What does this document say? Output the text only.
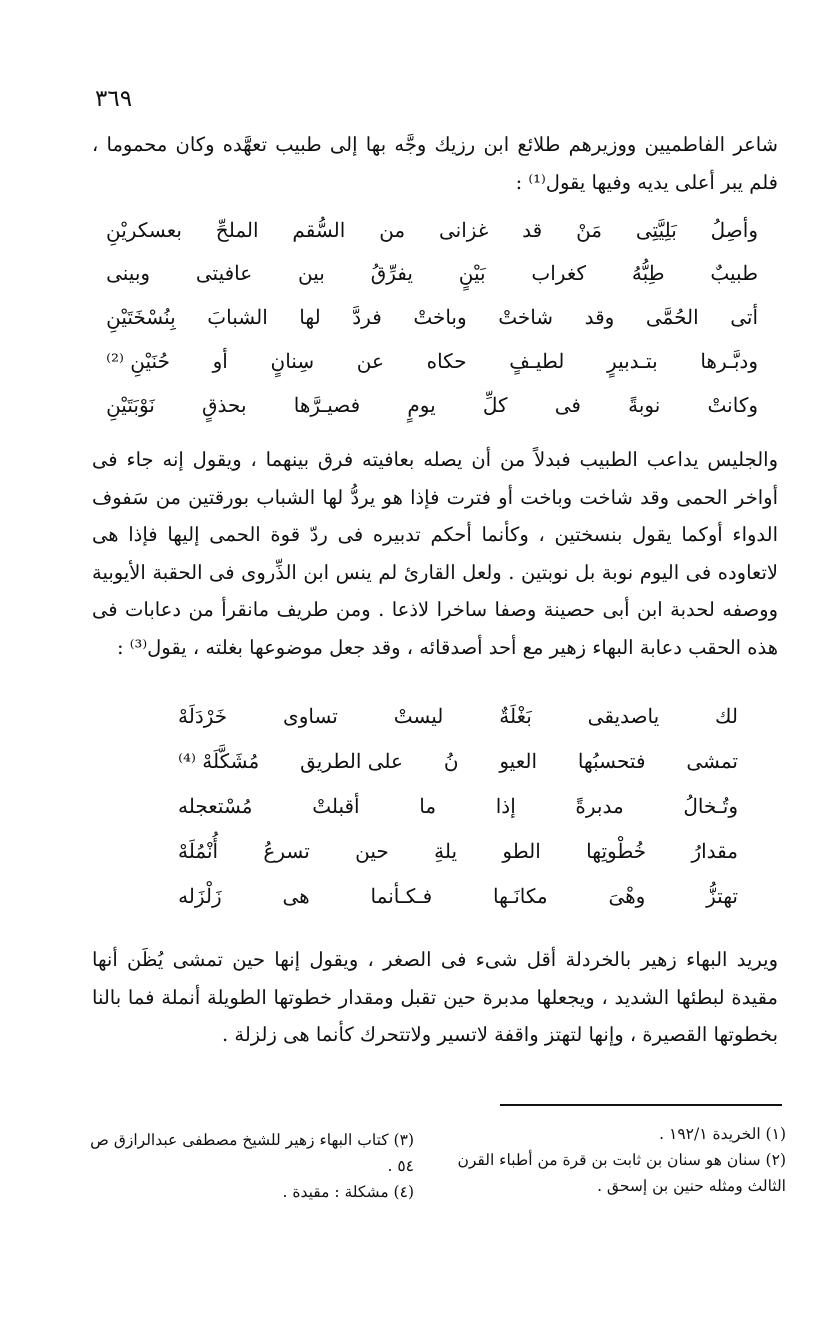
٣٦٩

شاعر الفاطميين ووزيرهم طلائع ابن رزيك وجَّه بها إلى طبيب تعهَّده وكان محموما ، فلم يبر أعلى يديه وفيها يقول⁽¹⁾ :

وأصِلُ
بَلِيَّتِى
مَنْ
قد
غزانى
من
السُّقم
الملحِّ
بعسكريْنِ
طبيبٌ
طِبُّهُ
كغراب
بَيْنٍ
يفرِّقُ
بين
عافيتى
وبينى
أتى
الحُمَّى
وقد
شاختْ
وباختْ
فردَّ
لها
الشبابَ
بِنُسْخَتَيْنِ
ودبَّـرها
بتـدبيرٍ
لطيـفٍ
حكاه
عن
سِنانٍ
أو
حُنَيْنِ ⁽²⁾
وكانتْ
نوبةً
فى
كلِّ
يومٍ
فصيـرَّها
بحذقٍ
نَوْبَتَيْنِ

والجليس يداعب الطبيب فبدلاً من أن يصله بعافيته فرق بينهما ، ويقول إنه جاء فى أواخر الحمى وقد شاخت وباخت أو فترت فإذا هو يردُّ لها الشباب بورقتين من سَفوف الدواء أوكما يقول بنسختين ، وكأنما أحكم تدبيره فى ردّ قوة الحمى إليها فإذا هى لاتعاوده فى اليوم نوبة بل نوبتين . ولعل القارئ لم ينس ابن الذِّروى فى الحقبة الأيوبية ووصفه لحدبة ابن أبى حصينة وصفا ساخرا لاذعا . ومن طريف مانقرأ من دعابات فى هذه الحقب دعابة البهاء زهير مع أحد أصدقائه ، وقد جعل موضوعها بغلته ، يقول⁽³⁾ :

لك
ياصديقى
بَغْلَةٌ
ليستْ
تساوى
خَرْدَلَهْ
تمشى
فتحسبُها
العيو
نُ
على الطريق
مُشَكَّلَهْ ⁽⁴⁾
وتُـخالُ
مدبرةً
إذا
ما
أقبلتْ
مُسْتعجله
مقدارُ
خُطْوتِها
الطو
يلةِ
حين
تسرعُ
أُنْمُلَهْ
تهتزُّ
وهْىَ
مكانَـها
فـكـأنما
هى
زَلْزَله

ويريد البهاء زهير بالخردلة أقل شىء فى الصغر ، ويقول إنها حين تمشى يُظَن أنها مقيدة لبطئها الشديد ، ويجعلها مدبرة حين تقبل ومقدار خطوتها الطويلة أنملة فما بالنا بخطوتها القصيرة ، وإنها لتهتز واقفة لاتسير ولاتتحرك كأنما هى زلزلة .

(١) الخريدة ١٩٢/١ .

(٢) سنان هو سنان بن ثابت بن قرة من أطباء القرن

الثالث ومثله حنين بن إسحق .

(٣) كتاب البهاء زهير للشيخ مصطفى عبدالرازق ص

٥٤ .

(٤) مشكلة : مقيدة .
